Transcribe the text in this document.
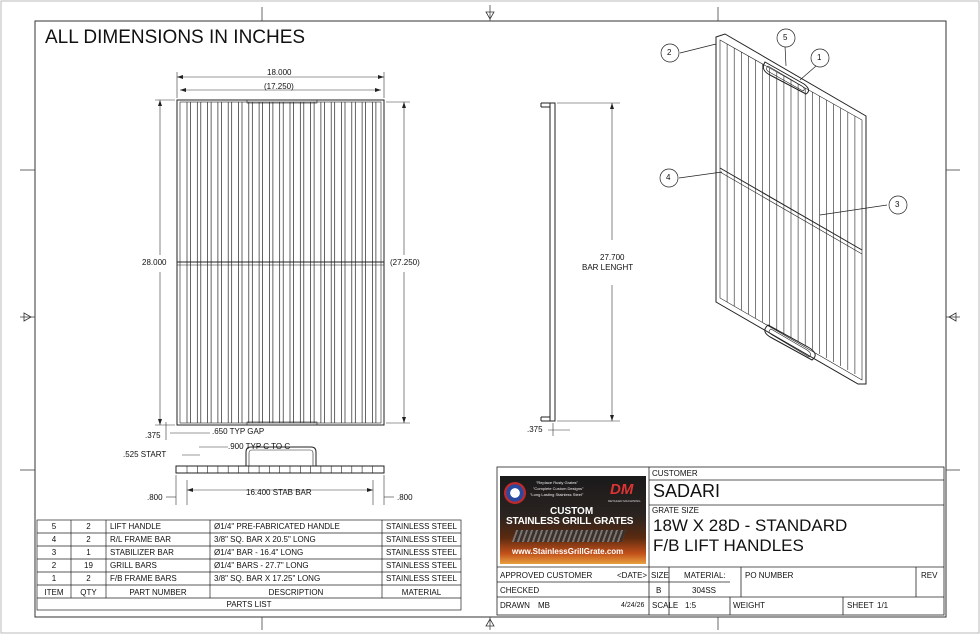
DM
DETAILED MACHINING
"Replace Rusty Grates"
"Complete Custom Designs"
"Long Lasting Stainless Steel"
CUSTOM
STAINLESS GRILL GRATES
www.StainlessGrillGrate.com
ALL DIMENSIONS IN INCHES
18.000
(17.250)
28.000	(27.250)
.375	.650 TYP GAP
.900 TYP C TO C
.525 START
.800
16.400 STAB BAR
.800
27.700
BAR LENGHT
.375
2
5
1
4
3
5	2	LIFT HANDLE	Ø1/4" PRE-FABRICATED HANDLE	STAINLESS STEEL
4	2	R/L FRAME BAR	3/8" SQ. BAR X 20.5" LONG	STAINLESS STEEL
3	1	STABILIZER BAR	Ø1/4" BAR - 16.4" LONG	STAINLESS STEEL
2	19	GRILL BARS	Ø1/4" BARS - 27.7" LONG	STAINLESS STEEL
1	2	F/B FRAME BARS	3/8" SQ. BAR X 17.25" LONG	STAINLESS STEEL
ITEM	QTY	PART NUMBER	DESCRIPTION	MATERIAL
PARTS LIST
CUSTOMER
SADARI
GRATE SIZE
18W X 28D - STANDARD
F/B LIFT HANDLES
APPROVED CUSTOMER	<DATE>
CHECKED
DRAWN MB	4/24/26
SIZE
B
MATERIAL:
304SS
PO NUMBER	REV
SCALE 1:5	WEIGHT	SHEET 1/1
